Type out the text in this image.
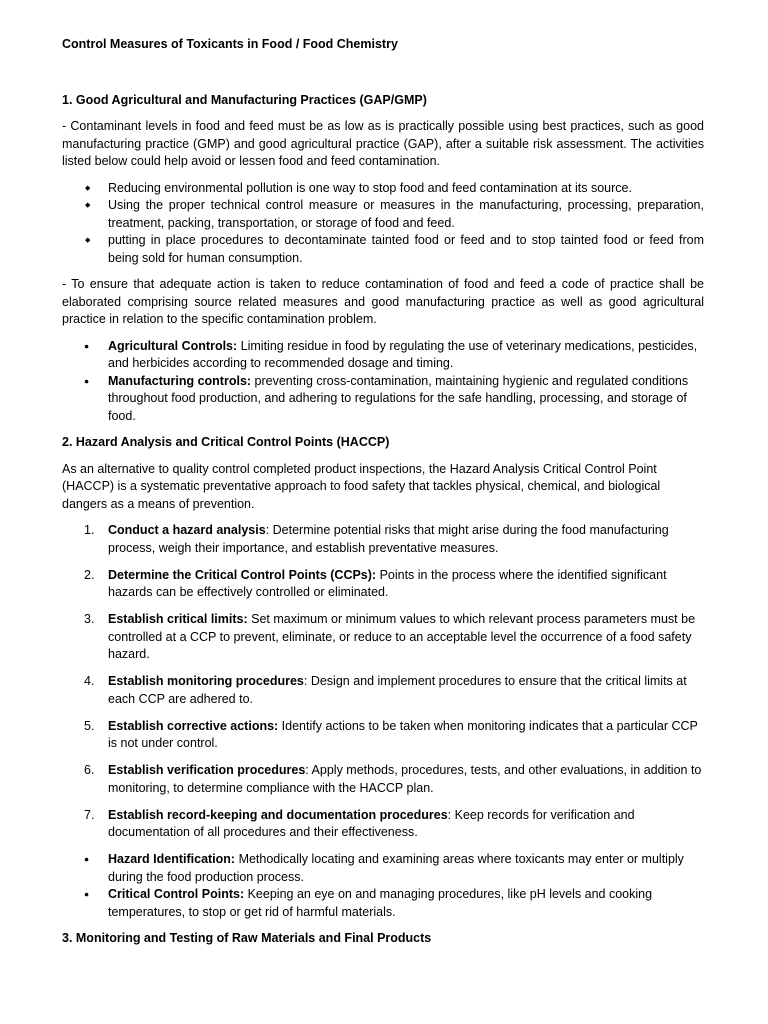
Control Measures of Toxicants in Food / Food Chemistry
1. Good Agricultural and Manufacturing Practices (GAP/GMP)

- Contaminant levels in food and feed must be as low as is practically possible using best practices, such as good manufacturing practice (GMP) and good agricultural practice (GAP), after a suitable risk assessment. The activities listed below could help avoid or lessen food and feed contamination.

◆ Reducing environmental pollution is one way to stop food and feed contamination at its source.
◆ Using the proper technical control measure or measures in the manufacturing, processing, preparation, treatment, packing, transportation, or storage of food and feed.
◆ putting in place procedures to decontaminate tainted food or feed and to stop tainted food or feed from being sold for human consumption.

- To ensure that adequate action is taken to reduce contamination of food and feed a code of practice shall be elaborated comprising source related measures and good manufacturing practice as well as good agricultural practice in relation to the specific contamination problem.

● Agricultural Controls: Limiting residue in food by regulating the use of veterinary medications, pesticides, and herbicides according to recommended dosage and timing.
● Manufacturing controls: preventing cross-contamination, maintaining hygienic and regulated conditions throughout food production, and adhering to regulations for the safe handling, processing, and storage of food.
2. Hazard Analysis and Critical Control Points (HACCP)

As an alternative to quality control completed product inspections, the Hazard Analysis Critical Control Point (HACCP) is a systematic preventative approach to food safety that tackles physical, chemical, and biological dangers as a means of prevention.

1. Conduct a hazard analysis: Determine potential risks that might arise during the food manufacturing process, weigh their importance, and establish preventative measures.
2. Determine the Critical Control Points (CCPs): Points in the process where the identified significant hazards can be effectively controlled or eliminated.
3. Establish critical limits: Set maximum or minimum values to which relevant process parameters must be controlled at a CCP to prevent, eliminate, or reduce to an acceptable level the occurrence of a food safety hazard.
4. Establish monitoring procedures: Design and implement procedures to ensure that the critical limits at each CCP are adhered to.
5. Establish corrective actions: Identify actions to be taken when monitoring indicates that a particular CCP is not under control.
6. Establish verification procedures: Apply methods, procedures, tests, and other evaluations, in addition to monitoring, to determine compliance with the HACCP plan.
7. Establish record-keeping and documentation procedures: Keep records for verification and documentation of all procedures and their effectiveness.
● Hazard Identification: Methodically locating and examining areas where toxicants may enter or multiply during the food production process.
● Critical Control Points: Keeping an eye on and managing procedures, like pH levels and cooking temperatures, to stop or get rid of harmful materials.
3. Monitoring and Testing of Raw Materials and Final Products
